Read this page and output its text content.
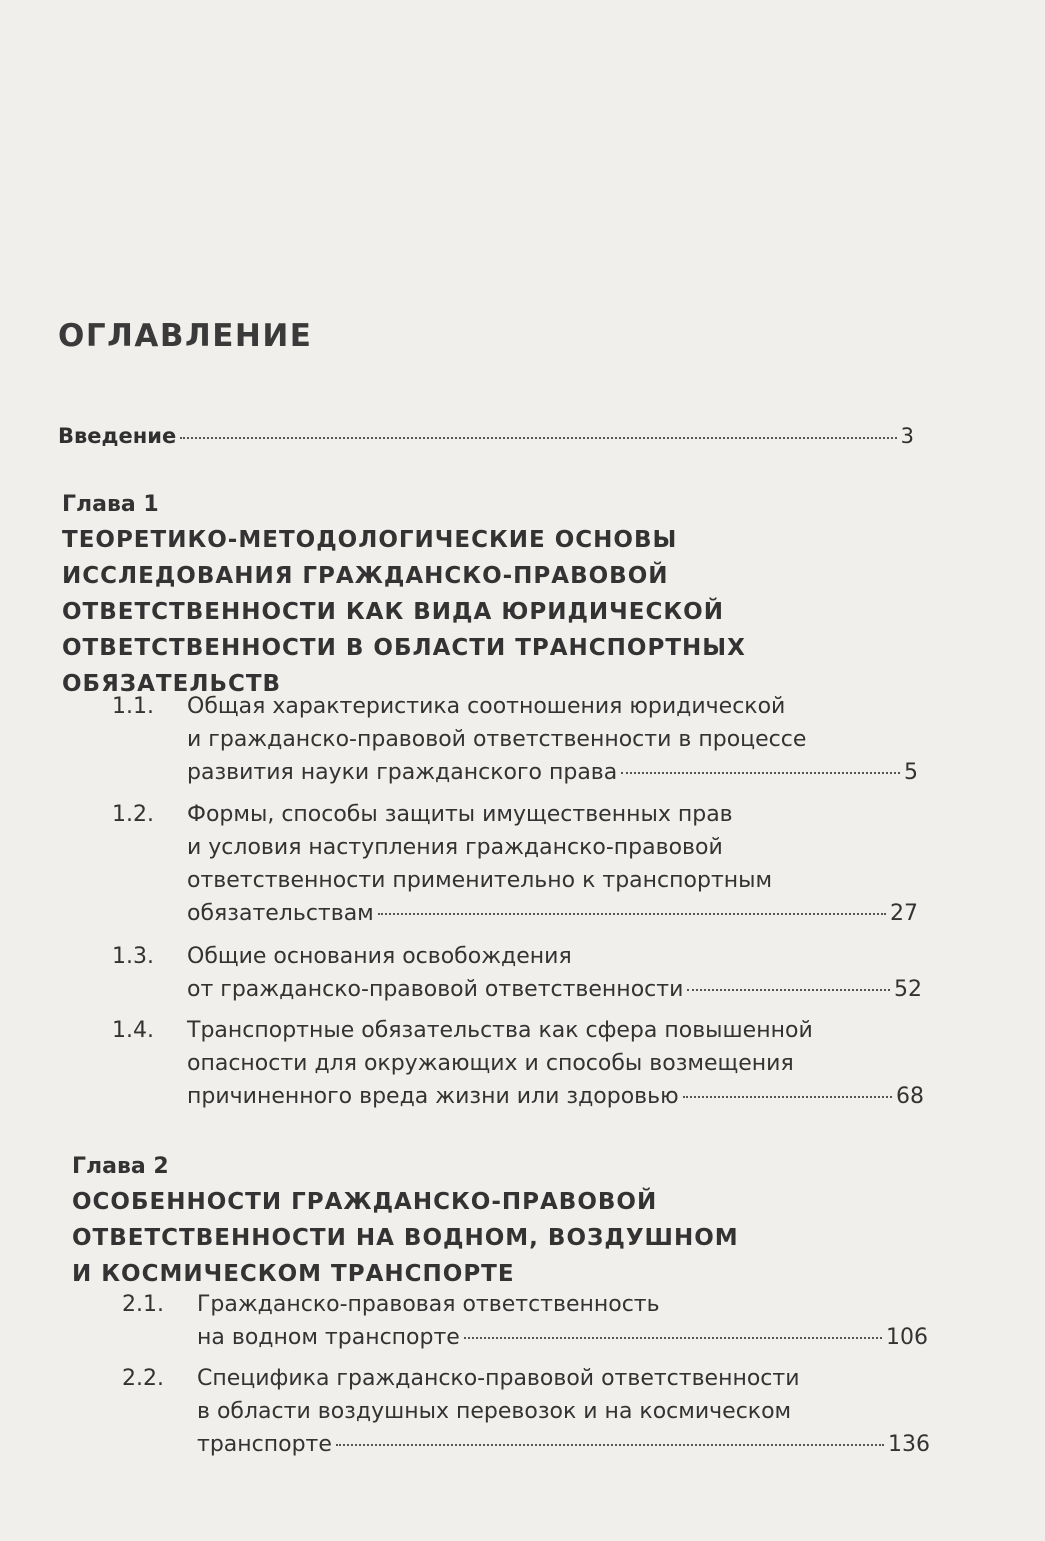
ОГЛАВЛЕНИЕ
Введение	3
Глава 1
ТЕОРЕТИКО-МЕТОДОЛОГИЧЕСКИЕ ОСНОВЫ
ИССЛЕДОВАНИЯ ГРАЖДАНСКО-ПРАВОВОЙ
ОТВЕТСТВЕННОСТИ КАК ВИДА ЮРИДИЧЕСКОЙ
ОТВЕТСТВЕННОСТИ В ОБЛАСТИ ТРАНСПОРТНЫХ
ОБЯЗАТЕЛЬСТВ
1.1.	Общая характеристика соотношения юридической
и гражданско-правовой ответственности в процессе
развития науки гражданского права	5
1.2.	Формы, способы защиты имущественных прав
и условия наступления гражданско-правовой
ответственности применительно к транспортным
обязательствам	27
1.3.	Общие основания освобождения
от гражданско-правовой ответственности	52
1.4.	Транспортные обязательства как сфера повышенной
опасности для окружающих и способы возмещения
причиненного вреда жизни или здоровью	68
Глава 2
ОСОБЕННОСТИ ГРАЖДАНСКО-ПРАВОВОЙ
ОТВЕТСТВЕННОСТИ НА ВОДНОМ, ВОЗДУШНОМ
И КОСМИЧЕСКОМ ТРАНСПОРТЕ
2.1.	Гражданско-правовая ответственность
на водном транспорте	106
2.2.	Специфика гражданско-правовой ответственности
в области воздушных перевозок и на космическом
транспорте	136
